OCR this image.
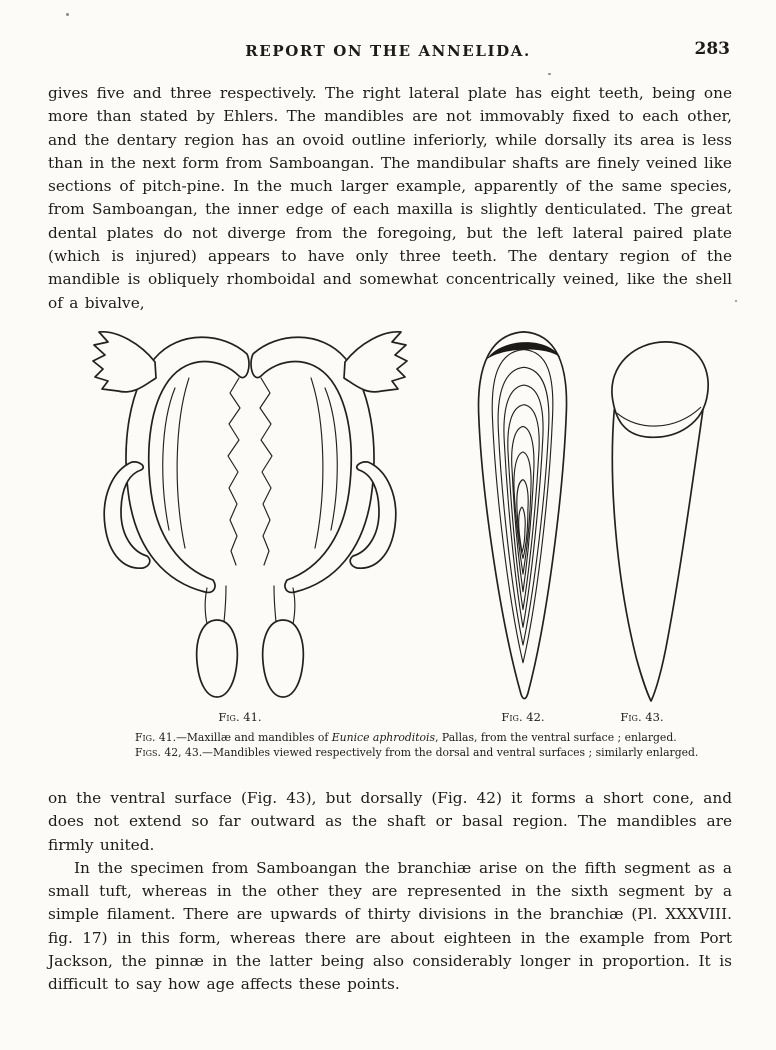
REPORT ON THE ANNELIDA.	283

gives five and three respectively. The right lateral plate has eight teeth, being one more than stated by Ehlers. The mandibles are not immovably fixed to each other, and the dentary region has an ovoid outline inferiorly, while dorsally its area is less than in the next form from Samboangan. The mandibular shafts are finely veined like sections of pitch-pine. In the much larger example, apparently of the same species, from Samboangan, the inner edge of each maxilla is slightly denticulated. The great dental plates do not diverge from the foregoing, but the left lateral paired plate (which is injured) appears to have only three teeth. The dentary region of the mandible is obliquely rhomboidal and somewhat concentrically veined, like the shell of a bivalve,

Fig. 41.	Fig. 42.	Fig. 43.
Fig. 41.—Maxillæ and mandibles of Eunice aphroditois, Pallas, from the ventral surface ; enlarged.
Figs. 42, 43.—Mandibles viewed respectively from the dorsal and ventral surfaces ; similarly enlarged.

on the ventral surface (Fig. 43), but dorsally (Fig. 42) it forms a short cone, and does not extend so far outward as the shaft or basal region. The mandibles are firmly united.

In the specimen from Samboangan the branchiæ arise on the fifth segment as a small tuft, whereas in the other they are represented in the sixth segment by a simple filament. There are upwards of thirty divisions in the branchiæ (Pl. XXXVIII. fig. 17) in this form, whereas there are about eighteen in the example from Port Jackson, the pinnæ in the latter being also considerably longer in proportion. It is difficult to say how age affects these points.
